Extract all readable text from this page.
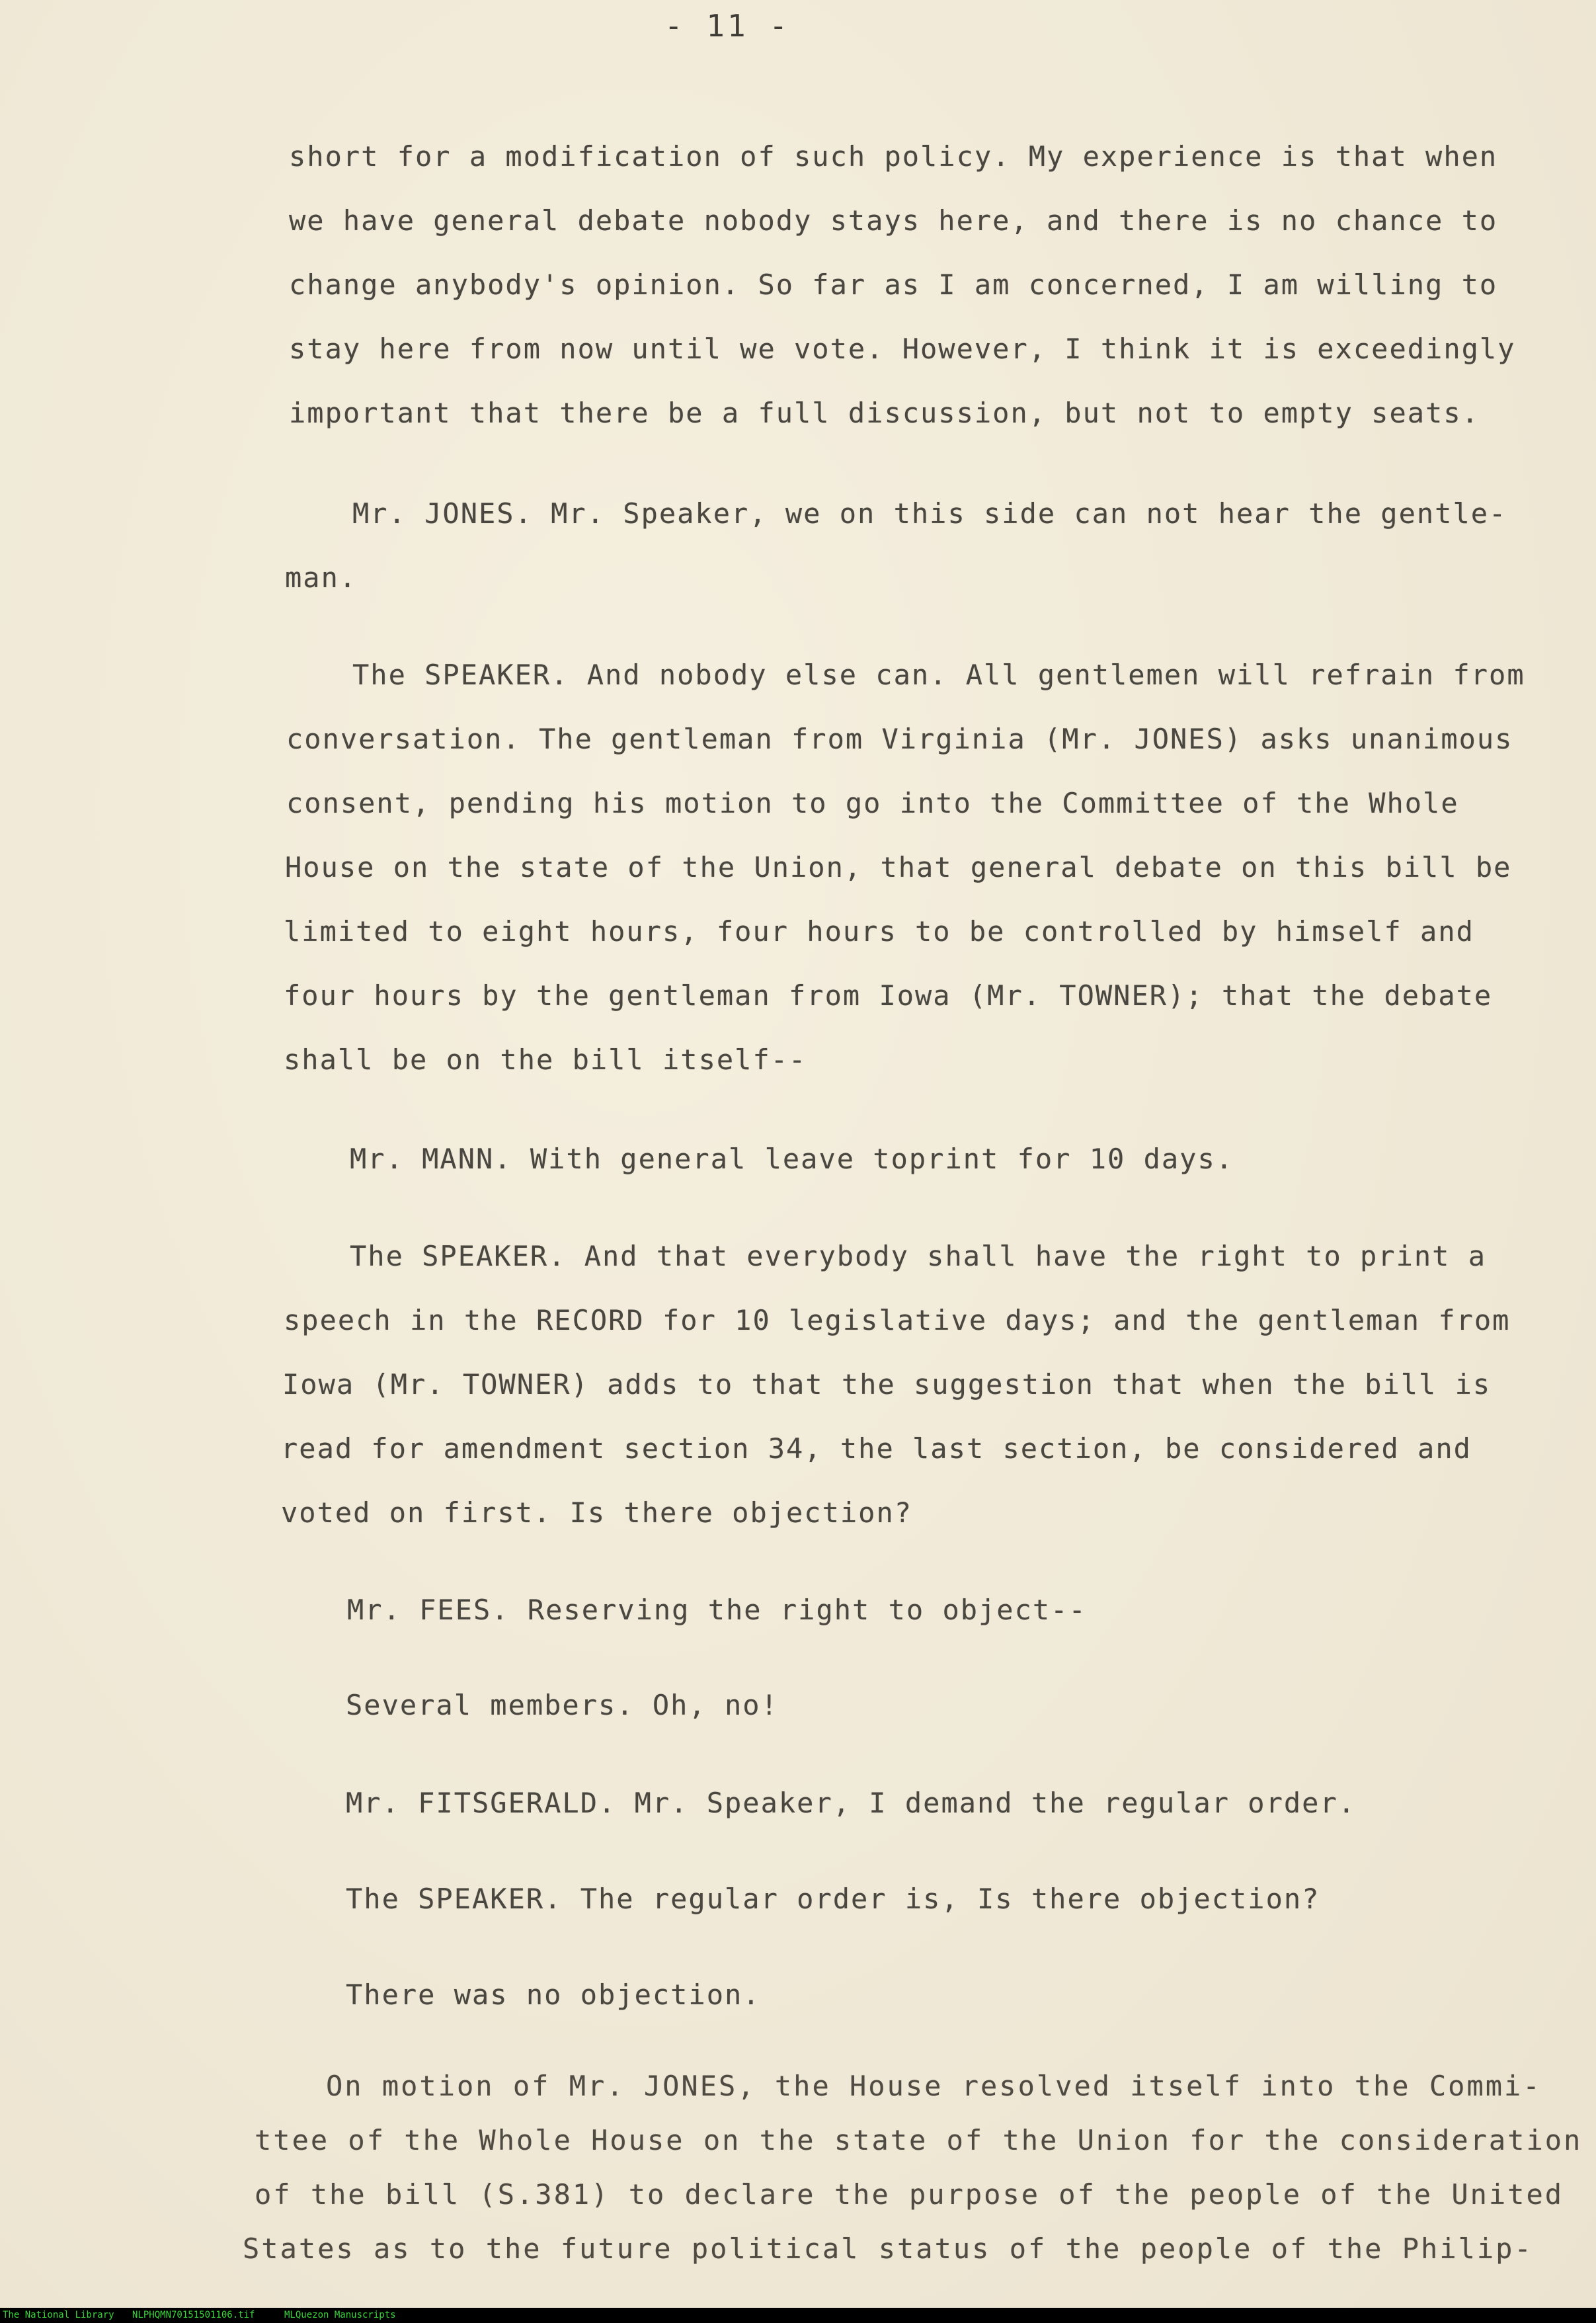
- 11 -
short for a modification of such policy. My experience is that when
we have general debate nobody stays here, and there is no chance to
change anybody's opinion. So far as I am concerned, I am willing to
stay here from now until we vote. However, I think it is exceedingly
important that there be a full discussion, but not to empty seats.
Mr. JONES. Mr. Speaker, we on this side can not hear the gentle-
man.
The SPEAKER. And nobody else can. All gentlemen will refrain from
conversation. The gentleman from Virginia (Mr. JONES) asks unanimous
consent, pending his motion to go into the Committee of the Whole
House on the state of the Union, that general debate on this bill be
limited to eight hours, four hours to be controlled by himself and
four hours by the gentleman from Iowa (Mr. TOWNER); that the debate
shall be on the bill itself--
Mr. MANN. With general leave toprint for 10 days.
The SPEAKER. And that everybody shall have the right to print a
speech in the RECORD for 10 legislative days; and the gentleman from
Iowa (Mr. TOWNER) adds to that the suggestion that when the bill is
read for amendment section 34, the last section, be considered and
voted on first. Is there objection?
Mr. FEES. Reserving the right to object--
Several members. Oh, no!
Mr. FITSGERALD. Mr. Speaker, I demand the regular order.
The SPEAKER. The regular order is, Is there objection?
There was no objection.
On motion of Mr. JONES, the House resolved itself into the Commi-
ttee of the Whole House on the state of the Union for the consideration
of the bill (S.381) to declare the purpose of the people of the United
States as to the future political status of the people of the Philip-
The National Library NLPHQMN70151501106.tif	MLQuezon Manuscripts
